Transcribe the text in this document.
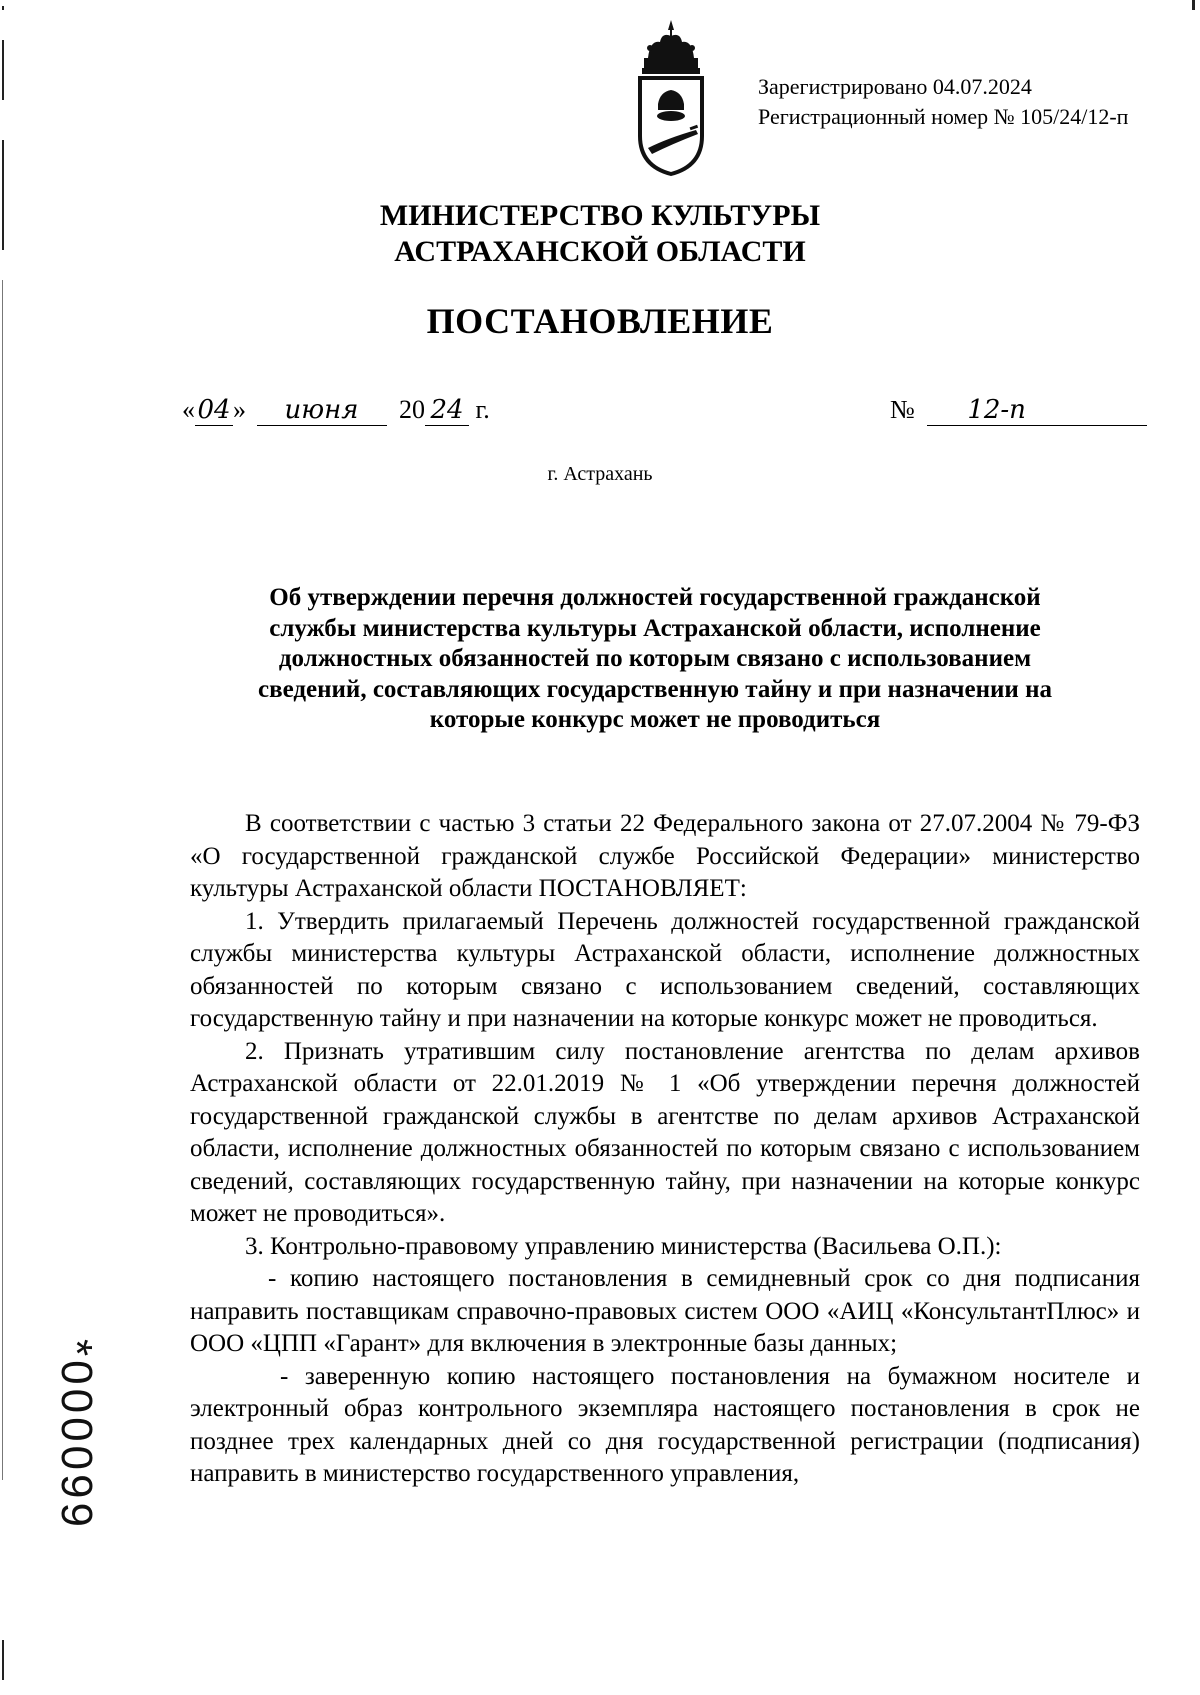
Зарегистрировано 04.07.2024
Регистрационный номер № 105/24/12-п
МИНИСТЕРСТВО КУЛЬТУРЫ
АСТРАХАНСКОЙ ОБЛАСТИ
ПОСТАНОВЛЕНИЕ
«04» июня 20 24 г.	№ 12-п
г. Астрахань
Об утверждении перечня должностей государственной гражданской
службы министерства культуры Астраханской области, исполнение
должностных обязанностей по которым связано с использованием
сведений, составляющих государственную тайну и при назначении на
которые конкурс может не проводиться

В соответствии с частью 3 статьи 22 Федерального закона от 27.07.2004 № 79-ФЗ «О государственной гражданской службе Российской Федерации» министерство культуры Астраханской области ПОСТАНОВЛЯЕТ:

1. Утвердить прилагаемый Перечень должностей государственной гражданской службы министерства культуры Астраханской области, исполнение должностных обязанностей по которым связано с использованием сведений, составляющих государственную тайну и при назначении на которые конкурс может не проводиться.

2. Признать утратившим силу постановление агентства по делам архивов Астраханской области от 22.01.2019 № 1 «Об утверждении перечня должностей государственной гражданской службы в агентстве по делам архивов Астраханской области, исполнение должностных обязанностей по которым связано с использованием сведений, составляющих государственную тайну, при назначении на которые конкурс может не проводиться».

3. Контрольно-правовому управлению министерства (Васильева О.П.):

- копию настоящего постановления в семидневный срок со дня подписания направить поставщикам справочно-правовых систем ООО «АИЦ «КонсультантПлюс» и ООО «ЦПП «Гарант» для включения в электронные базы данных;

- заверенную копию настоящего постановления на бумажном носителе и электронный образ контрольного экземпляра настоящего постановления в срок не позднее трех календарных дней со дня государственной регистрации (подписания) направить в министерство государственного управления,

*000099
